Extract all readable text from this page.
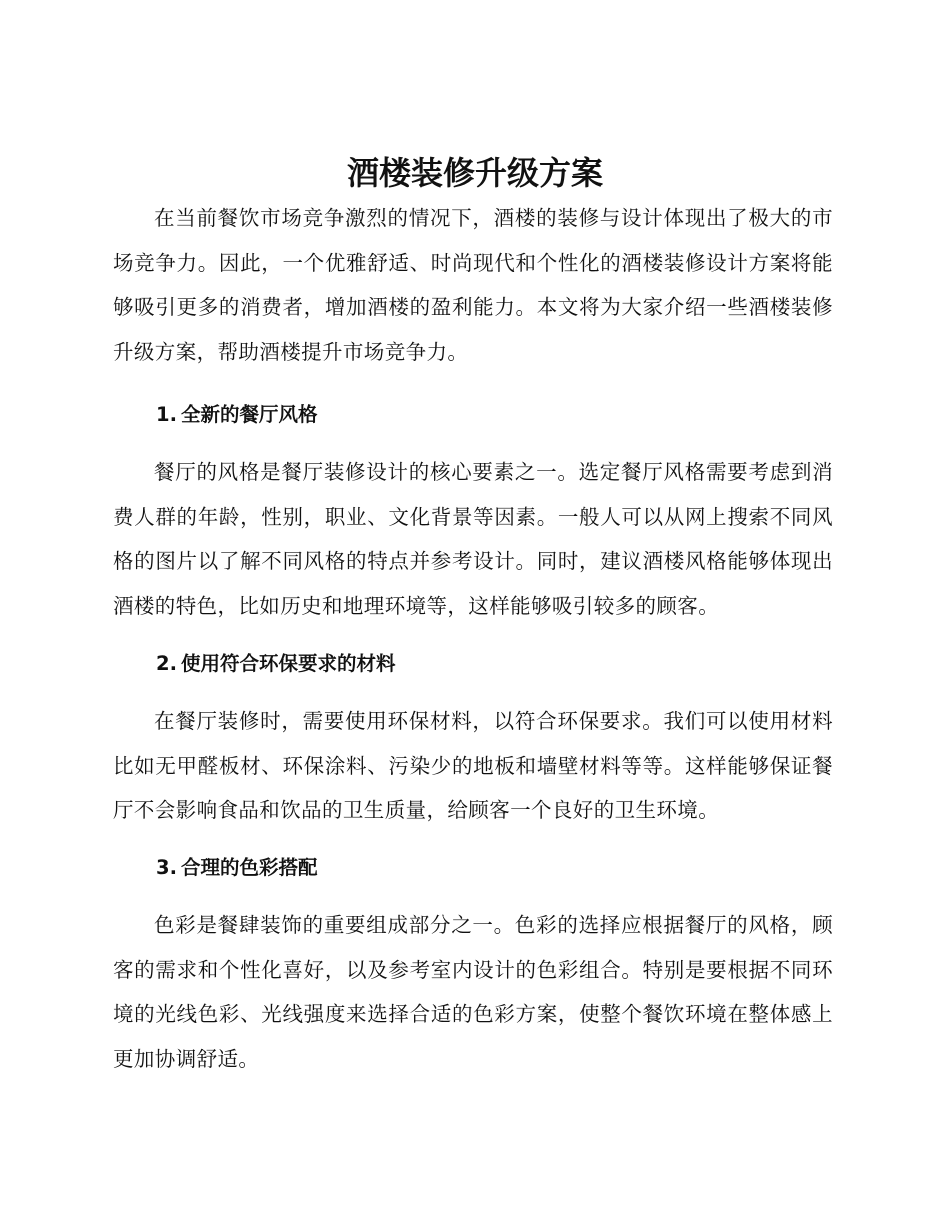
酒楼装修升级方案

在当前餐饮市场竞争激烈的情况下，酒楼的装修与设计体现出了极大的市场竞争力。因此，一个优雅舒适、时尚现代和个性化的酒楼装修设计方案将能够吸引更多的消费者，增加酒楼的盈利能力。本文将为大家介绍一些酒楼装修升级方案，帮助酒楼提升市场竞争力。

1. 全新的餐厅风格

餐厅的风格是餐厅装修设计的核心要素之一。选定餐厅风格需要考虑到消费人群的年龄，性别，职业、文化背景等因素。一般人可以从网上搜索不同风格的图片以了解不同风格的特点并参考设计。同时，建议酒楼风格能够体现出酒楼的特色，比如历史和地理环境等，这样能够吸引较多的顾客。

2. 使用符合环保要求的材料

在餐厅装修时，需要使用环保材料，以符合环保要求。我们可以使用材料比如无甲醛板材、环保涂料、污染少的地板和墙壁材料等等。这样能够保证餐厅不会影响食品和饮品的卫生质量，给顾客一个良好的卫生环境。

3. 合理的色彩搭配

色彩是餐肆装饰的重要组成部分之一。色彩的选择应根据餐厅的风格，顾客的需求和个性化喜好，以及参考室内设计的色彩组合。特别是要根据不同环境的光线色彩、光线强度来选择合适的色彩方案，使整个餐饮环境在整体感上更加协调舒适。
